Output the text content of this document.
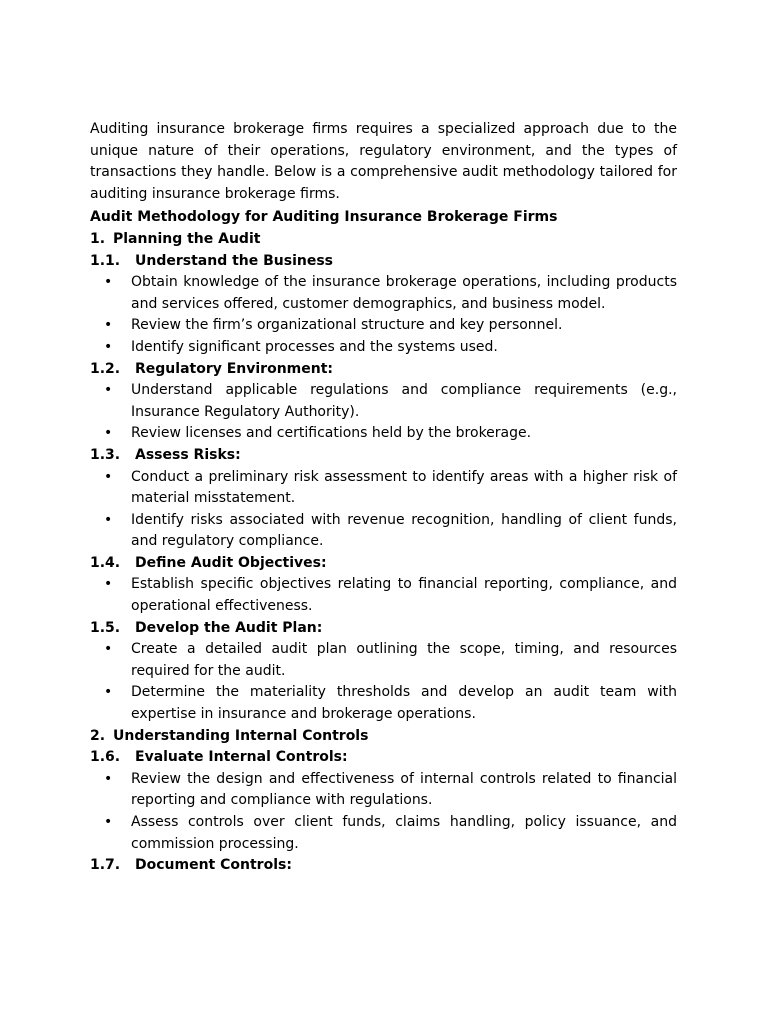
Auditing insurance brokerage firms requires a specialized approach due to the unique nature of their operations, regulatory environment, and the types of transactions they handle. Below is a comprehensive audit methodology tailored for auditing insurance brokerage firms.

Audit Methodology for Auditing Insurance Brokerage Firms

1. Planning the Audit
1.1.	Understand the Business
• Obtain knowledge of the insurance brokerage operations, including products and services offered, customer demographics, and business model.
• Review the firm’s organizational structure and key personnel.
• Identify significant processes and the systems used.
1.2.	Regulatory Environment:
• Understand applicable regulations and compliance requirements (e.g., Insurance Regulatory Authority).
• Review licenses and certifications held by the brokerage.
1.3.	Assess Risks:
• Conduct a preliminary risk assessment to identify areas with a higher risk of material misstatement.
• Identify risks associated with revenue recognition, handling of client funds, and regulatory compliance.
1.4.	Define Audit Objectives:
• Establish specific objectives relating to financial reporting, compliance, and operational effectiveness.
1.5.	Develop the Audit Plan:
• Create a detailed audit plan outlining the scope, timing, and resources required for the audit.
• Determine the materiality thresholds and develop an audit team with expertise in insurance and brokerage operations.
2. Understanding Internal Controls
1.6.	Evaluate Internal Controls:
• Review the design and effectiveness of internal controls related to financial reporting and compliance with regulations.
• Assess controls over client funds, claims handling, policy issuance, and commission processing.
1.7.	Document Controls:
